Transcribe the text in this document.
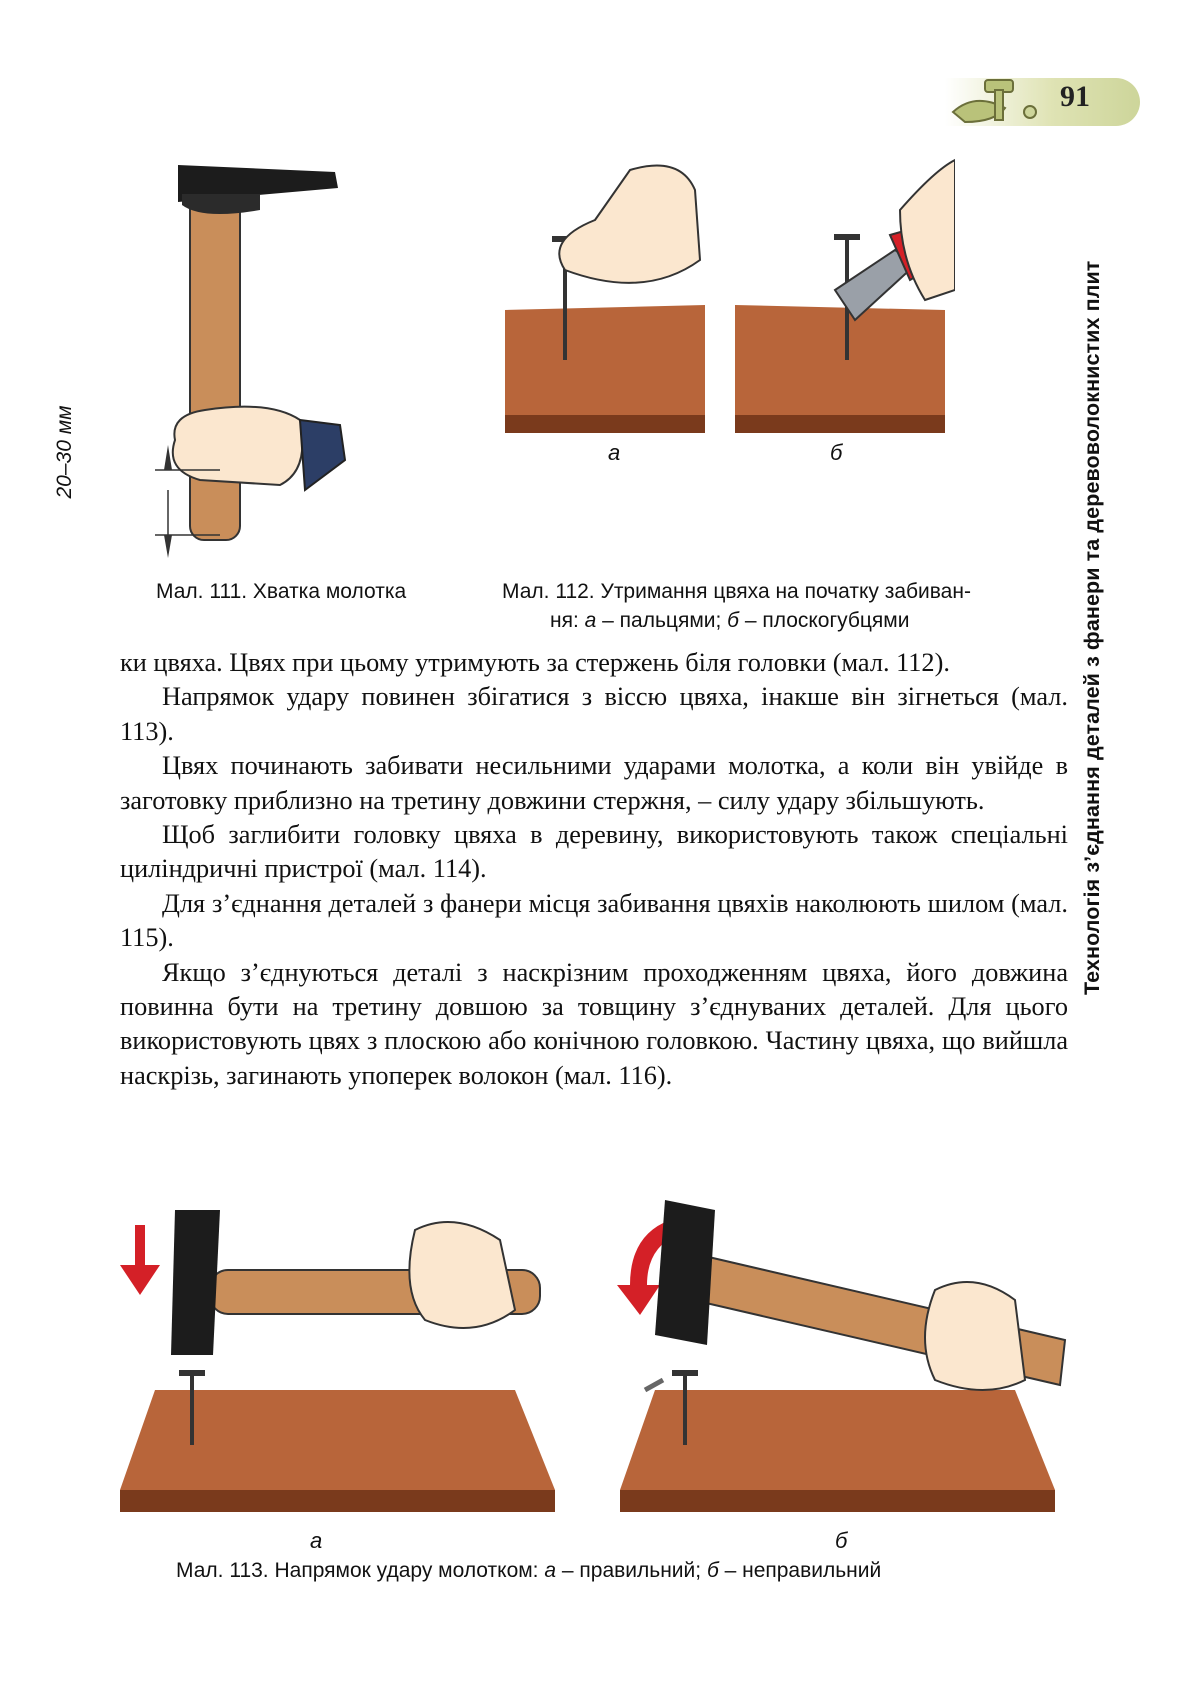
91
Технологія з’єднання деталей з фанери та деревоволокнистих плит
20–30 мм
Мал. 111. Хватка молотка
а	б
Мал. 112. Утримання цвяха на початку забиван-
ня: а – пальцями; б – плоскогубцями

ки цвяха. Цвях при цьому утримують за стержень біля головки (мал. 112).

Напрямок удару повинен збігатися з віссю цвяха, інакше він зігнеться (мал. 113).

Цвях починають забивати несильними ударами молотка, а коли він увійде в заготовку приблизно на третину довжини стержня, – силу удару збільшують.

Щоб заглибити головку цвяха в деревину, використовують також спеціальні циліндричні пристрої (мал. 114).

Для з’єднання деталей з фанери місця забивання цвяхів наколюють шилом (мал. 115).

Якщо з’єднуються деталі з наскрізним проходженням цвяха, його довжина повинна бути на третину довшою за товщину з’єднуваних деталей. Для цього використовують цвях з плоскою або конічною головкою. Частину цвяха, що вийшла наскрізь, загинають упоперек волокон (мал. 116).

а	б
Мал. 113. Напрямок удару молотком: а – правильний; б – неправильний
